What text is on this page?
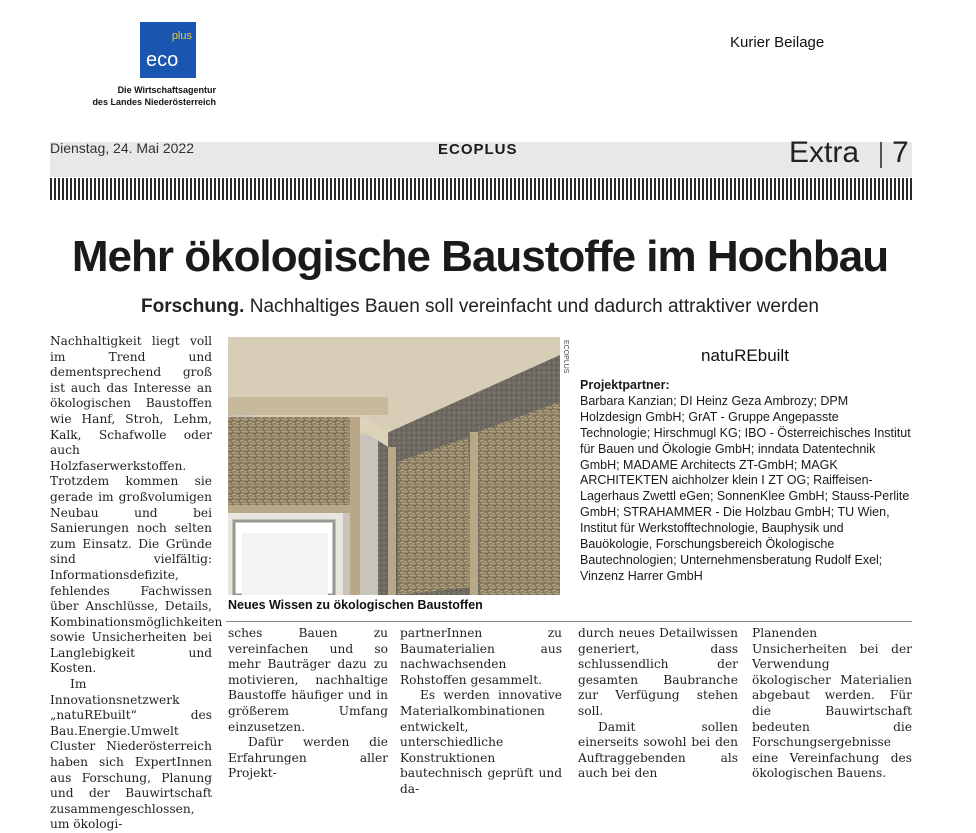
plus
eco
Die Wirtschaftsagentur
des Landes Niederösterreich
Kurier Beilage
Dienstag, 24. Mai 2022	ECOPLUS	Extra 7
Mehr ökologische Baustoffe im Hochbau
Forschung. Nachhaltiges Bauen soll vereinfacht und dadurch attraktiver werden
Nachhaltigkeit liegt voll im Trend und dementsprechend groß ist auch das Interesse an ökologischen Baustoffen wie Hanf, Stroh, Lehm, Kalk, Schafwolle oder auch Holzfaserwerkstoffen. Trotzdem kommen sie gerade im großvolumigen Neubau und bei Sanierungen noch selten zum Einsatz. Die Gründe sind vielfältig: Informationsdefizite, fehlendes Fachwissen über Anschlüsse, Details, Kombinationsmöglichkeiten sowie Unsicherheiten bei Langlebigkeit und Kosten.
Im Innovationsnetzwerk „natuREbuilt“ des Bau.Energie.Umwelt Cluster Niederösterreich haben sich ExpertInnen aus Forschung, Planung und der Bauwirtschaft zusammengeschlossen, um ökologi-
ECOPLUS
Neues Wissen zu ökologischen Baustoffen
natuREbuilt
Projektpartner:
Barbara Kanzian; DI Heinz Geza Ambrozy; DPM Holzdesign GmbH; GrAT - Gruppe Angepasste Technologie; Hirschmugl KG; IBO - Österreichisches Institut für Bauen und Ökologie GmbH; inndata Datentechnik GmbH; MADAME Architects ZT-GmbH; MAGK ARCHITEKTEN aichholzer klein I ZT OG; Raiffeisen-Lagerhaus Zwettl eGen; SonnenKlee GmbH; Stauss-Perlite GmbH; STRAHAMMER - Die Holzbau GmbH; TU Wien, Institut für Werkstofftechnologie, Bauphysik und Bauökologie, Forschungsbereich Ökologische Bautechnologien; Unternehmensberatung Rudolf Exel; Vinzenz Harrer GmbH
sches Bauen zu vereinfachen und so mehr Bauträger dazu zu motivieren, nachhaltige Baustoffe häufiger und in größerem Umfang einzusetzen.
Dafür werden die Erfahrungen aller Projekt-
partnerInnen zu Baumaterialien aus nachwachsenden Rohstoffen gesammelt.
Es werden innovative Materialkombinationen entwickelt, unterschiedliche Konstruktionen bautechnisch geprüft und da-
durch neues Detailwissen generiert, dass schlussendlich der gesamten Baubranche zur Verfügung stehen soll.
Damit sollen einerseits sowohl bei den Auftraggebenden als auch bei den
Planenden Unsicherheiten bei der Verwendung ökologischer Materialien abgebaut werden. Für die Bauwirtschaft bedeuten die Forschungsergebnisse eine Vereinfachung des ökologischen Bauens.
